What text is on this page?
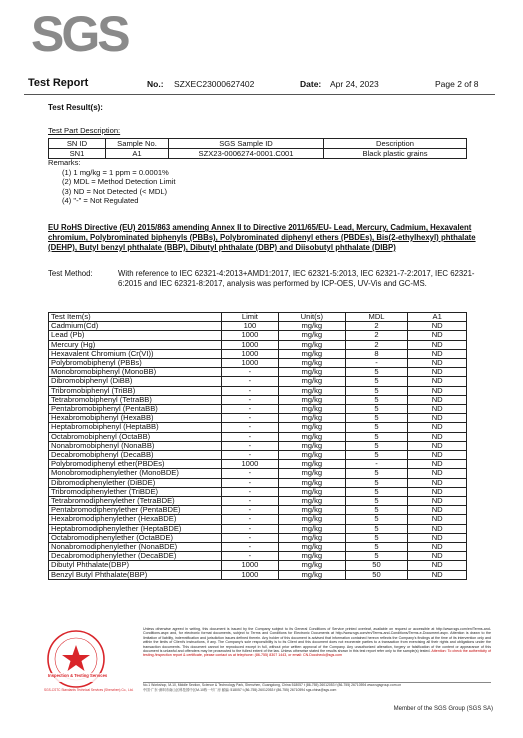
SGS
Test Report	No.: SZXEC23000627402	Date: Apr 24, 2023	Page 2 of 8
Test Result(s):
Test Part Description:
SN ID	Sample No.	SGS Sample ID	Description
SN1	A1	SZX23-0006274-0001.C001	Black plastic grains
Remarks:
(1) 1 mg/kg = 1 ppm = 0.0001%
(2) MDL = Method Detection Limit
(3) ND = Not Detected (< MDL)
(4) "-" = Not Regulated
EU RoHS Directive (EU) 2015/863 amending Annex II to Directive 2011/65/EU- Lead, Mercury, Cadmium, Hexavalent chromium, Polybrominated biphenyls (PBBs), Polybrominated diphenyl ethers (PBDEs), Bis(2-ethylhexyl) phthalate (DEHP), Butyl benzyl phthalate (BBP), Dibutyl phthalate (DBP) and Diisobutyl phthalate (DIBP)
Test Method:	With reference to IEC 62321-4:2013+AMD1:2017, IEC 62321-5:2013, IEC 62321-7-2:2017, IEC 62321-6:2015 and IEC 62321-8:2017, analysis was performed by ICP-OES, UV-Vis and GC-MS.
Test Item(s)	Limit	Unit(s)	MDL	A1
Cadmium(Cd)	100	mg/kg	2	ND
Lead (Pb)	1000	mg/kg	2	ND
Mercury (Hg)	1000	mg/kg	2	ND
Hexavalent Chromium (Cr(VI))	1000	mg/kg	8	ND
Polybromobiphenyl (PBBs)	1000	mg/kg	-	ND
Monobromobiphenyl (MonoBB)	-	mg/kg	5	ND
Dibromobiphenyl (DiBB)	-	mg/kg	5	ND
Tribromobiphenyl (TriBB)	-	mg/kg	5	ND
Tetrabromobiphenyl (TetraBB)	-	mg/kg	5	ND
Pentabromobiphenyl (PentaBB)	-	mg/kg	5	ND
Hexabromobiphenyl (HexaBB)	-	mg/kg	5	ND
Heptabromobiphenyl (HeptaBB)	-	mg/kg	5	ND
Octabromobiphenyl (OctaBB)	-	mg/kg	5	ND
Nonabromobiphenyl (NonaBB)	-	mg/kg	5	ND
Decabromobiphenyl (DecaBB)	-	mg/kg	5	ND
Polybromodiphenyl ether(PBDEs)	1000	mg/kg	-	ND
Monobromodiphenylether (MonoBDE)	-	mg/kg	5	ND
Dibromodiphenylether (DiBDE)	-	mg/kg	5	ND
Tribromodiphenylether (TriBDE)	-	mg/kg	5	ND
Tetrabromodiphenylether (TetraBDE)	-	mg/kg	5	ND
Pentabromodiphenylether (PentaBDE)	-	mg/kg	5	ND
Hexabromodiphenylether (HexaBDE)	-	mg/kg	5	ND
Heptabromodiphenylether (HeptaBDE)	-	mg/kg	5	ND
Octabromodiphenylether (OctaBDE)	-	mg/kg	5	ND
Nonabromodiphenylether (NonaBDE)	-	mg/kg	5	ND
Decabromodiphenylether (DecaBDE)	-	mg/kg	5	ND
Dibutyl Phthalate(DBP)	1000	mg/kg	50	ND
Benzyl Butyl Phthalate(BBP)	1000	mg/kg	50	ND
Inspection & Testing Services
SGS-CSTC Standards Technical Services (Shenzhen) Co., Ltd.
Unless otherwise agreed in writing, this document is issued by the Company subject to its General Conditions of Service printed overleaf, available on request or accessible at http://www.sgs.com/en/Terms-and-Conditions.aspx and, for electronic format documents, subject to Terms and Conditions for Electronic Documents at http://www.sgs.com/en/Terms-and-Conditions/Terms-e-Document.aspx. Attention is drawn to the limitation of liability, indemnification and jurisdiction issues defined therein. Any holder of this document is advised that information contained hereon reflects the Company's findings at the time of its intervention only and within the limits of Client's instructions, if any. The Company's sole responsibility is to its Client and this document does not exonerate parties to a transaction from exercising all their rights and obligations under the transaction documents. This document cannot be reproduced except in full, without prior written approval of the Company. Any unauthorized alteration, forgery or falsification of the content or appearance of this document is unlawful and offenders may be prosecuted to the fullest extent of the law. Unless otherwise stated the results shown in this test report refer only to the sample(s) tested. Attention: To check the authenticity of testing /inspection report & certificate, please contact us at telephone: (86-755) 8307 1443, or email: CN.Doccheck@sgs.com
No.1 Workshop, M-10, Middle Section, Science & Technology Park, Shenzhen, Guangdong, China 518057 t (86-755) 26012053 f (86-755) 26710594 www.sgsgroup.com.cn
中国·广东·深圳市南山区科技园中区M-10栋一号厂房 邮编: 518057 t (86-755) 26012053 f (86-755) 26710594 sgs.china@sgs.com
Member of the SGS Group (SGS SA)
